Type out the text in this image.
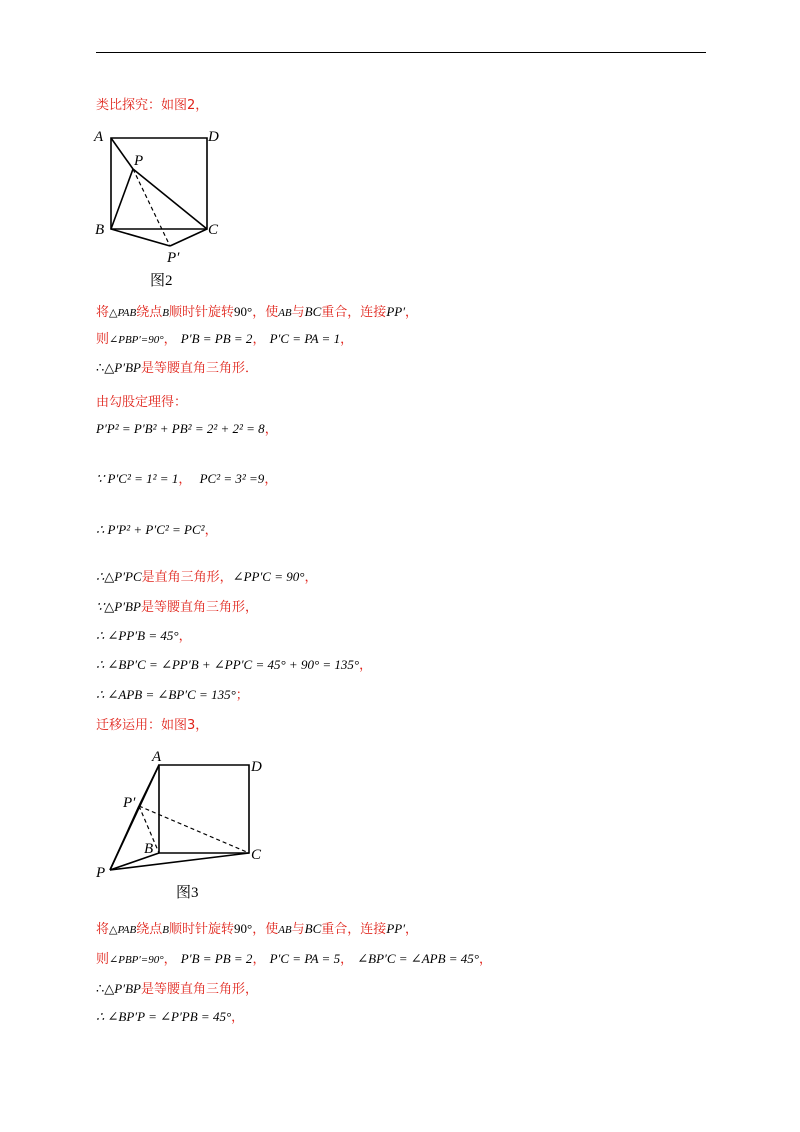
类比探究：如图2，
A	D
P
B	C
P′
图2
将△PAB绕点B顺时针旋转90°，使AB与BC重合，连接PP′，
则∠PBP′=90°， P′B = PB = 2， P′C = PA = 1，
∴△P′BP是等腰直角三角形．
由勾股定理得：
P′P² = P′B² + PB² = 2² + 2² = 8，
∵ P′C² = 1² = 1， PC² = 3² =9，
∴ P′P² + P′C² = PC²，
∴△P′PC是直角三角形，∠PP′C = 90°，
∵△P′BP是等腰直角三角形，
∴ ∠PP′B = 45°，
∴ ∠BP′C = ∠PP′B + ∠PP′C = 45° + 90° = 135°，
∴ ∠APB = ∠BP′C = 135°；
迁移运用：如图3，
A
D
P′
B	C
P
图3
将△PAB绕点B顺时针旋转90°，使AB与BC重合，连接PP′，
则∠PBP′=90°， P′B = PB = 2， P′C = PA = 5， ∠BP′C = ∠APB = 45°，
∴△P′BP是等腰直角三角形，
∴ ∠BP′P = ∠P′PB = 45°，
